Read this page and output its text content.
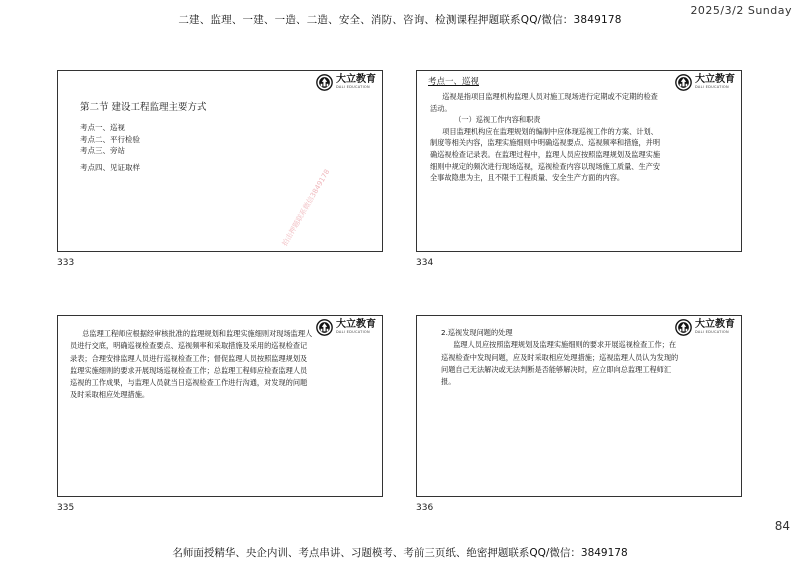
二建、监理、一建、一造、二造、安全、消防、咨询、检测课程押题联系QQ/微信：3849178
2025/3/2 Sunday
大立教育
DALI EDUCATION
第二节 建设工程监理主要方式
考点一、巡视
考点二、平行检验
考点三、旁站
考点四、见证取样
拍击押题联系微信3849178
333
大立教育
DALI EDUCATION
考点一、巡视
巡视是指项目监理机构监理人员对施工现场进行定期或不定期的检查活动。
（一）巡视工作内容和职责
项目监理机构应在监理规划的编制中应体现巡视工作的方案、计划、制度等相关内容，监理实施细则中明确巡视要点、巡视频率和措施，并明确巡视检查记录表。在监理过程中，监理人员应按照监理规划及监理实施细则中规定的频次进行现场巡视，巡视检查内容以现场施工质量、生产安全事故隐患为主，且不限于工程质量、安全生产方面的内容。
334
大立教育
DALI EDUCATION
总监理工程师应根据经审核批准的监理规划和监理实施细则对现场监理人员进行交底，明确巡视检查要点、巡视频率和采取措施及采用的巡视检查记录表；合理安排监理人员进行巡视检查工作；督促监理人员按照监理规划及监理实施细则的要求开展现场巡视检查工作；总监理工程师应检查监理人员巡视的工作成果，与监理人员就当日巡视检查工作进行沟通，对发现的问题及时采取相应处理措施。
335
大立教育
DALI EDUCATION
2.巡视发现问题的处理
监理人员应按照监理规划及监理实施细则的要求开展巡视检查工作；在巡视检查中发现问题，应及时采取相应处理措施；巡视监理人员认为发现的问题自己无法解决或无法判断是否能够解决时，应立即向总监理工程师汇报。
336
84
名师面授精华、央企内训、考点串讲、习题模考、考前三页纸、绝密押题联系QQ/微信：3849178
